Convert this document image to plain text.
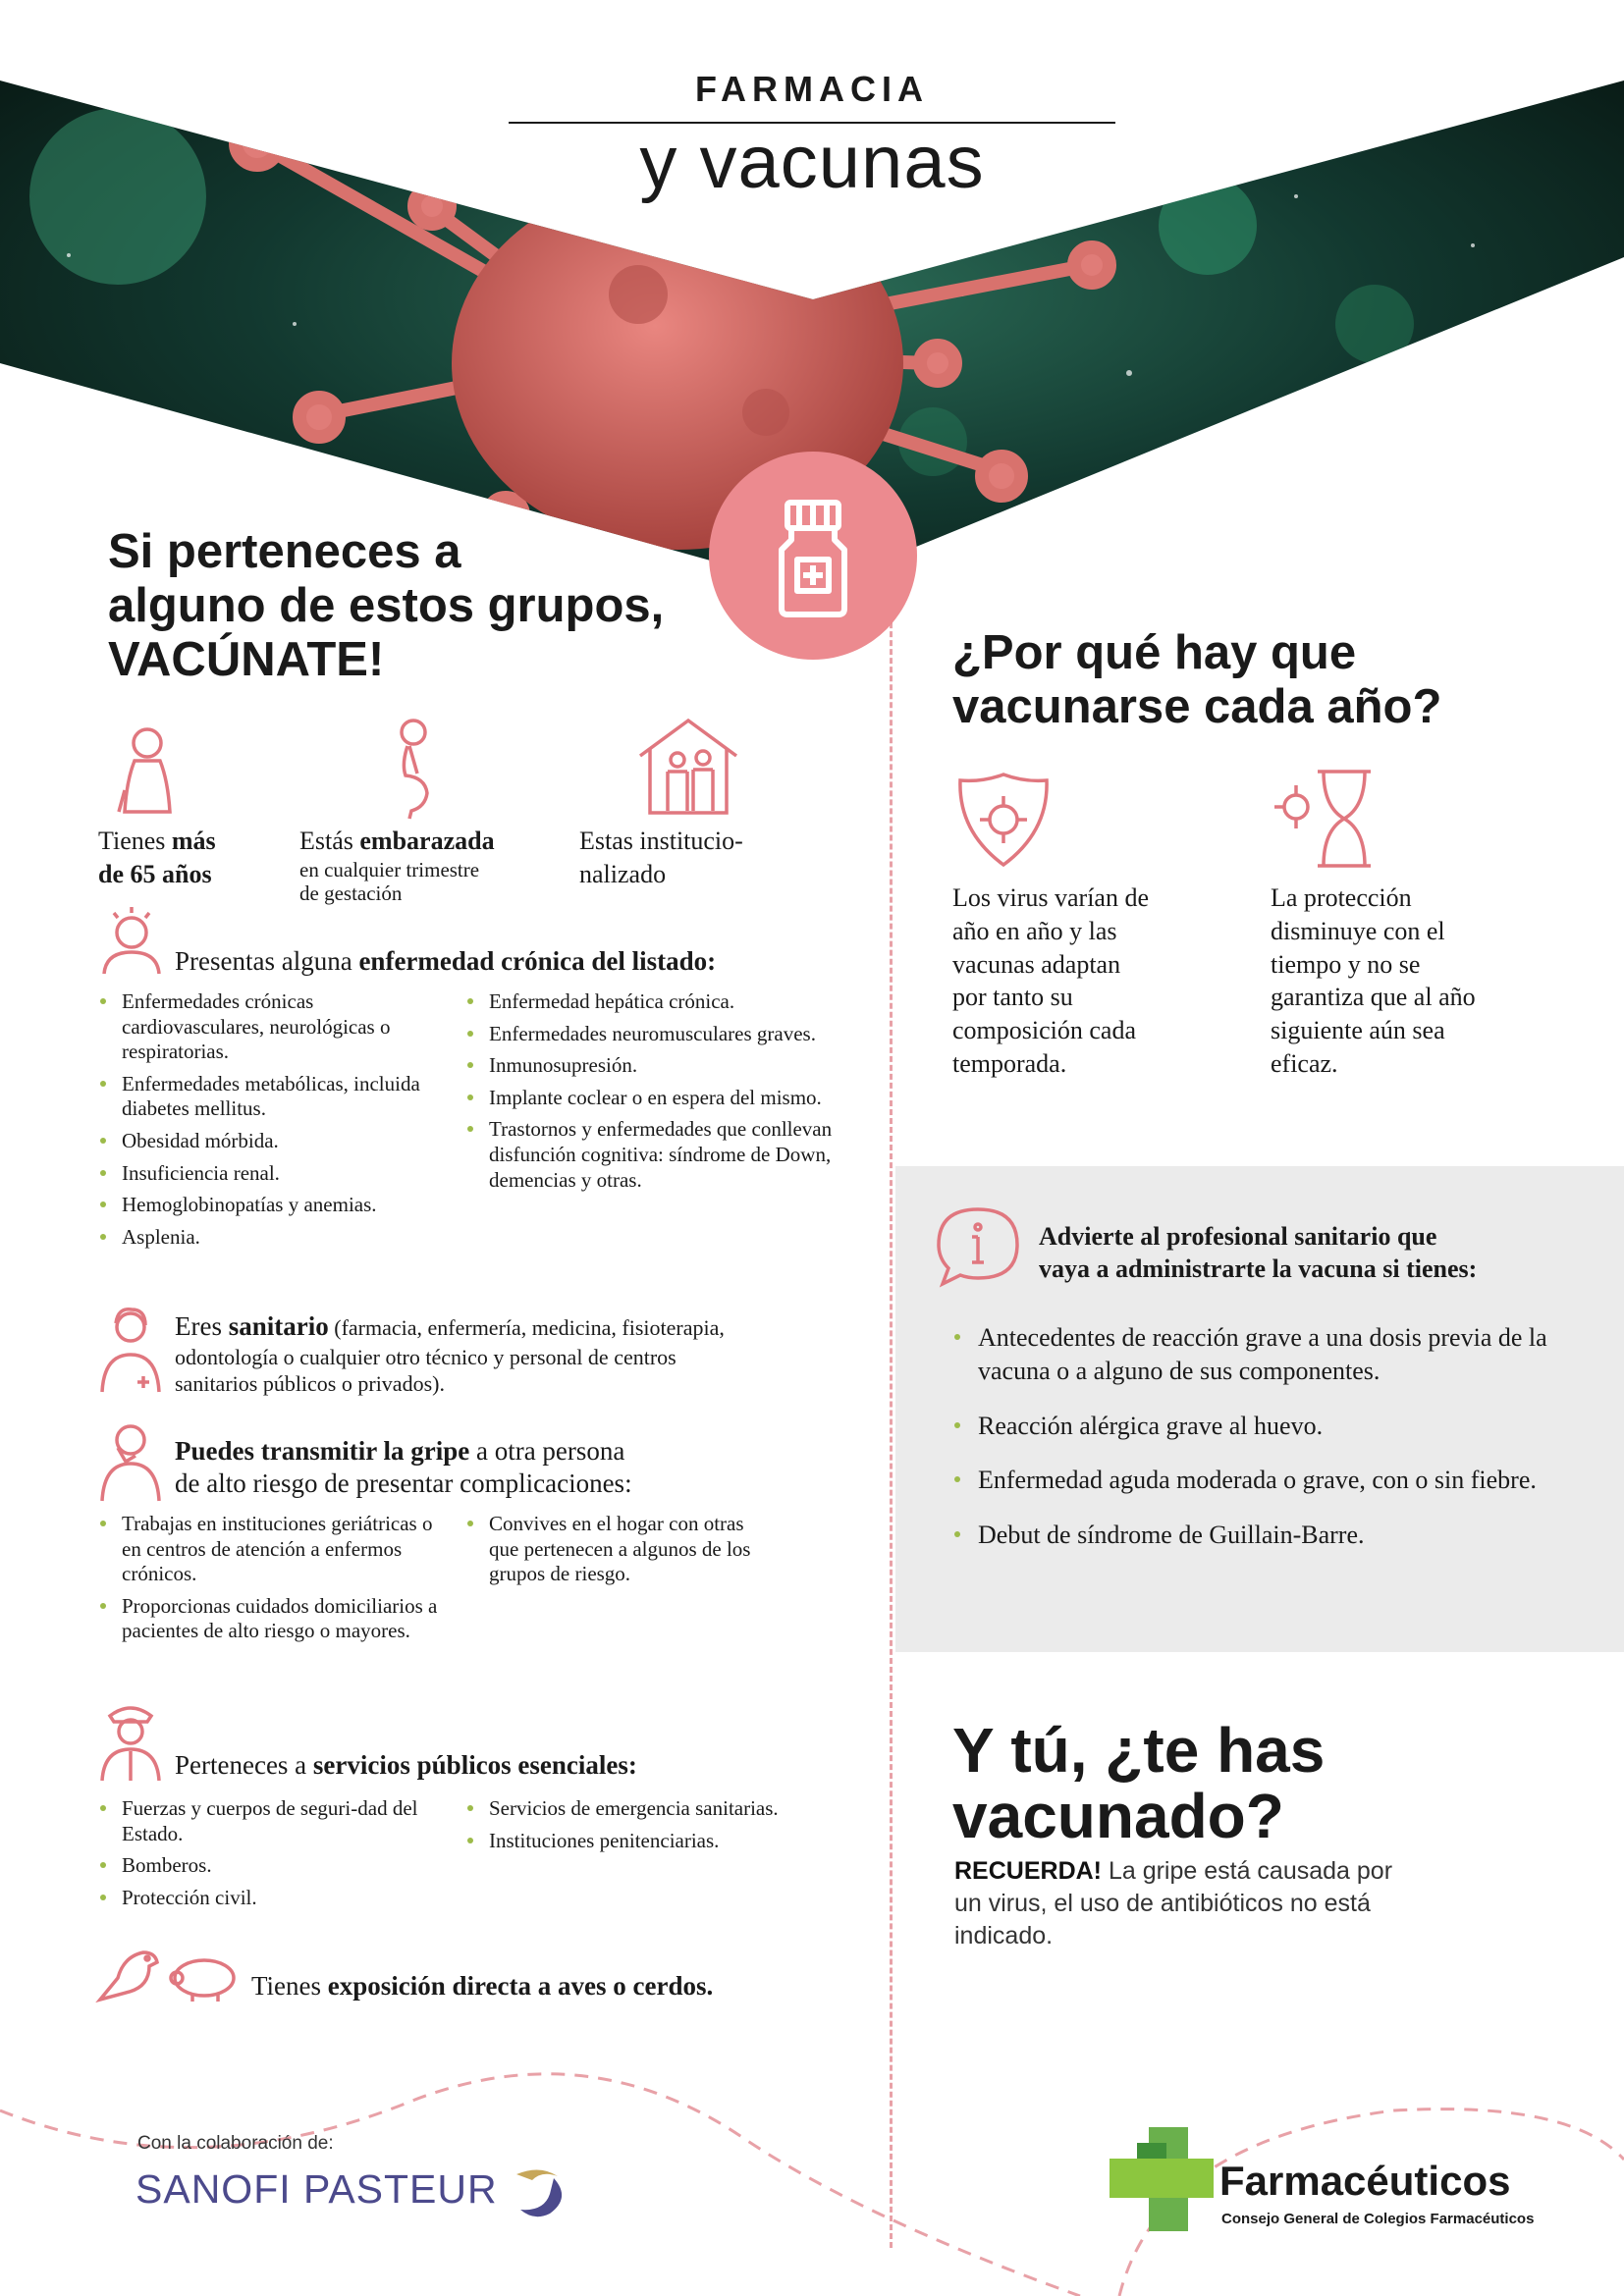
FARMACIA
y vacunas
Si perteneces a
alguno de estos grupos,
VACÚNATE!
Tienes más
de 65 años
Estás embarazada
en cualquier trimestre
de gestación
Estas institucio-
nalizado
Presentas alguna enfermedad crónica del listado:
Enfermedades crónicas cardiovasculares, neurológicas o respiratorias.
Enfermedades metabólicas, incluida diabetes mellitus.
Obesidad mórbida.
Insuficiencia renal.
Hemoglobinopatías y anemias.
Asplenia.
Enfermedad hepática crónica.
Enfermedades neuromusculares graves.
Inmunosupresión.
Implante coclear o en espera del mismo.
Trastornos y enfermedades que conllevan disfunción cognitiva: síndrome de Down, demencias y otras.
Eres sanitario (farmacia, enfermería, medicina, fisioterapia,
odontología o cualquier otro técnico y personal de centros
sanitarios públicos o privados).
Puedes transmitir la gripe a otra persona
de alto riesgo de presentar complicaciones:
Trabajas en instituciones geriátricas o en centros de atención a enfermos crónicos.
Proporcionas cuidados domiciliarios a pacientes de alto riesgo o mayores.
Convives en el hogar con otras que pertenecen a algunos de los grupos de riesgo.
Perteneces a servicios públicos esenciales:
Fuerzas y cuerpos de seguri-dad del Estado.
Bomberos.
Protección civil.
Servicios de emergencia sanitarias.
Instituciones penitenciarias.
Tienes exposición directa a aves o cerdos.
¿Por qué hay que
vacunarse cada año?
Los virus varían de
año en año y las
vacunas adaptan
por tanto su
composición cada
temporada.
La protección
disminuye con el
tiempo y no se
garantiza que al año
siguiente aún sea
eficaz.
Advierte al profesional sanitario que
vaya a administrarte la vacuna si tienes:
Antecedentes de reacción grave a una dosis previa de la vacuna o a alguno de sus componentes.
Reacción alérgica grave al huevo.
Enfermedad aguda moderada o grave, con o sin fiebre.
Debut de síndrome de Guillain-Barre.
Y tú, ¿te has
vacunado?
RECUERDA! La gripe está causada por
un virus, el uso de antibióticos no está
indicado.
Con la colaboración de:
SANOFI PASTEUR	Farmacéuticos
Consejo General de Colegios Farmacéuticos
